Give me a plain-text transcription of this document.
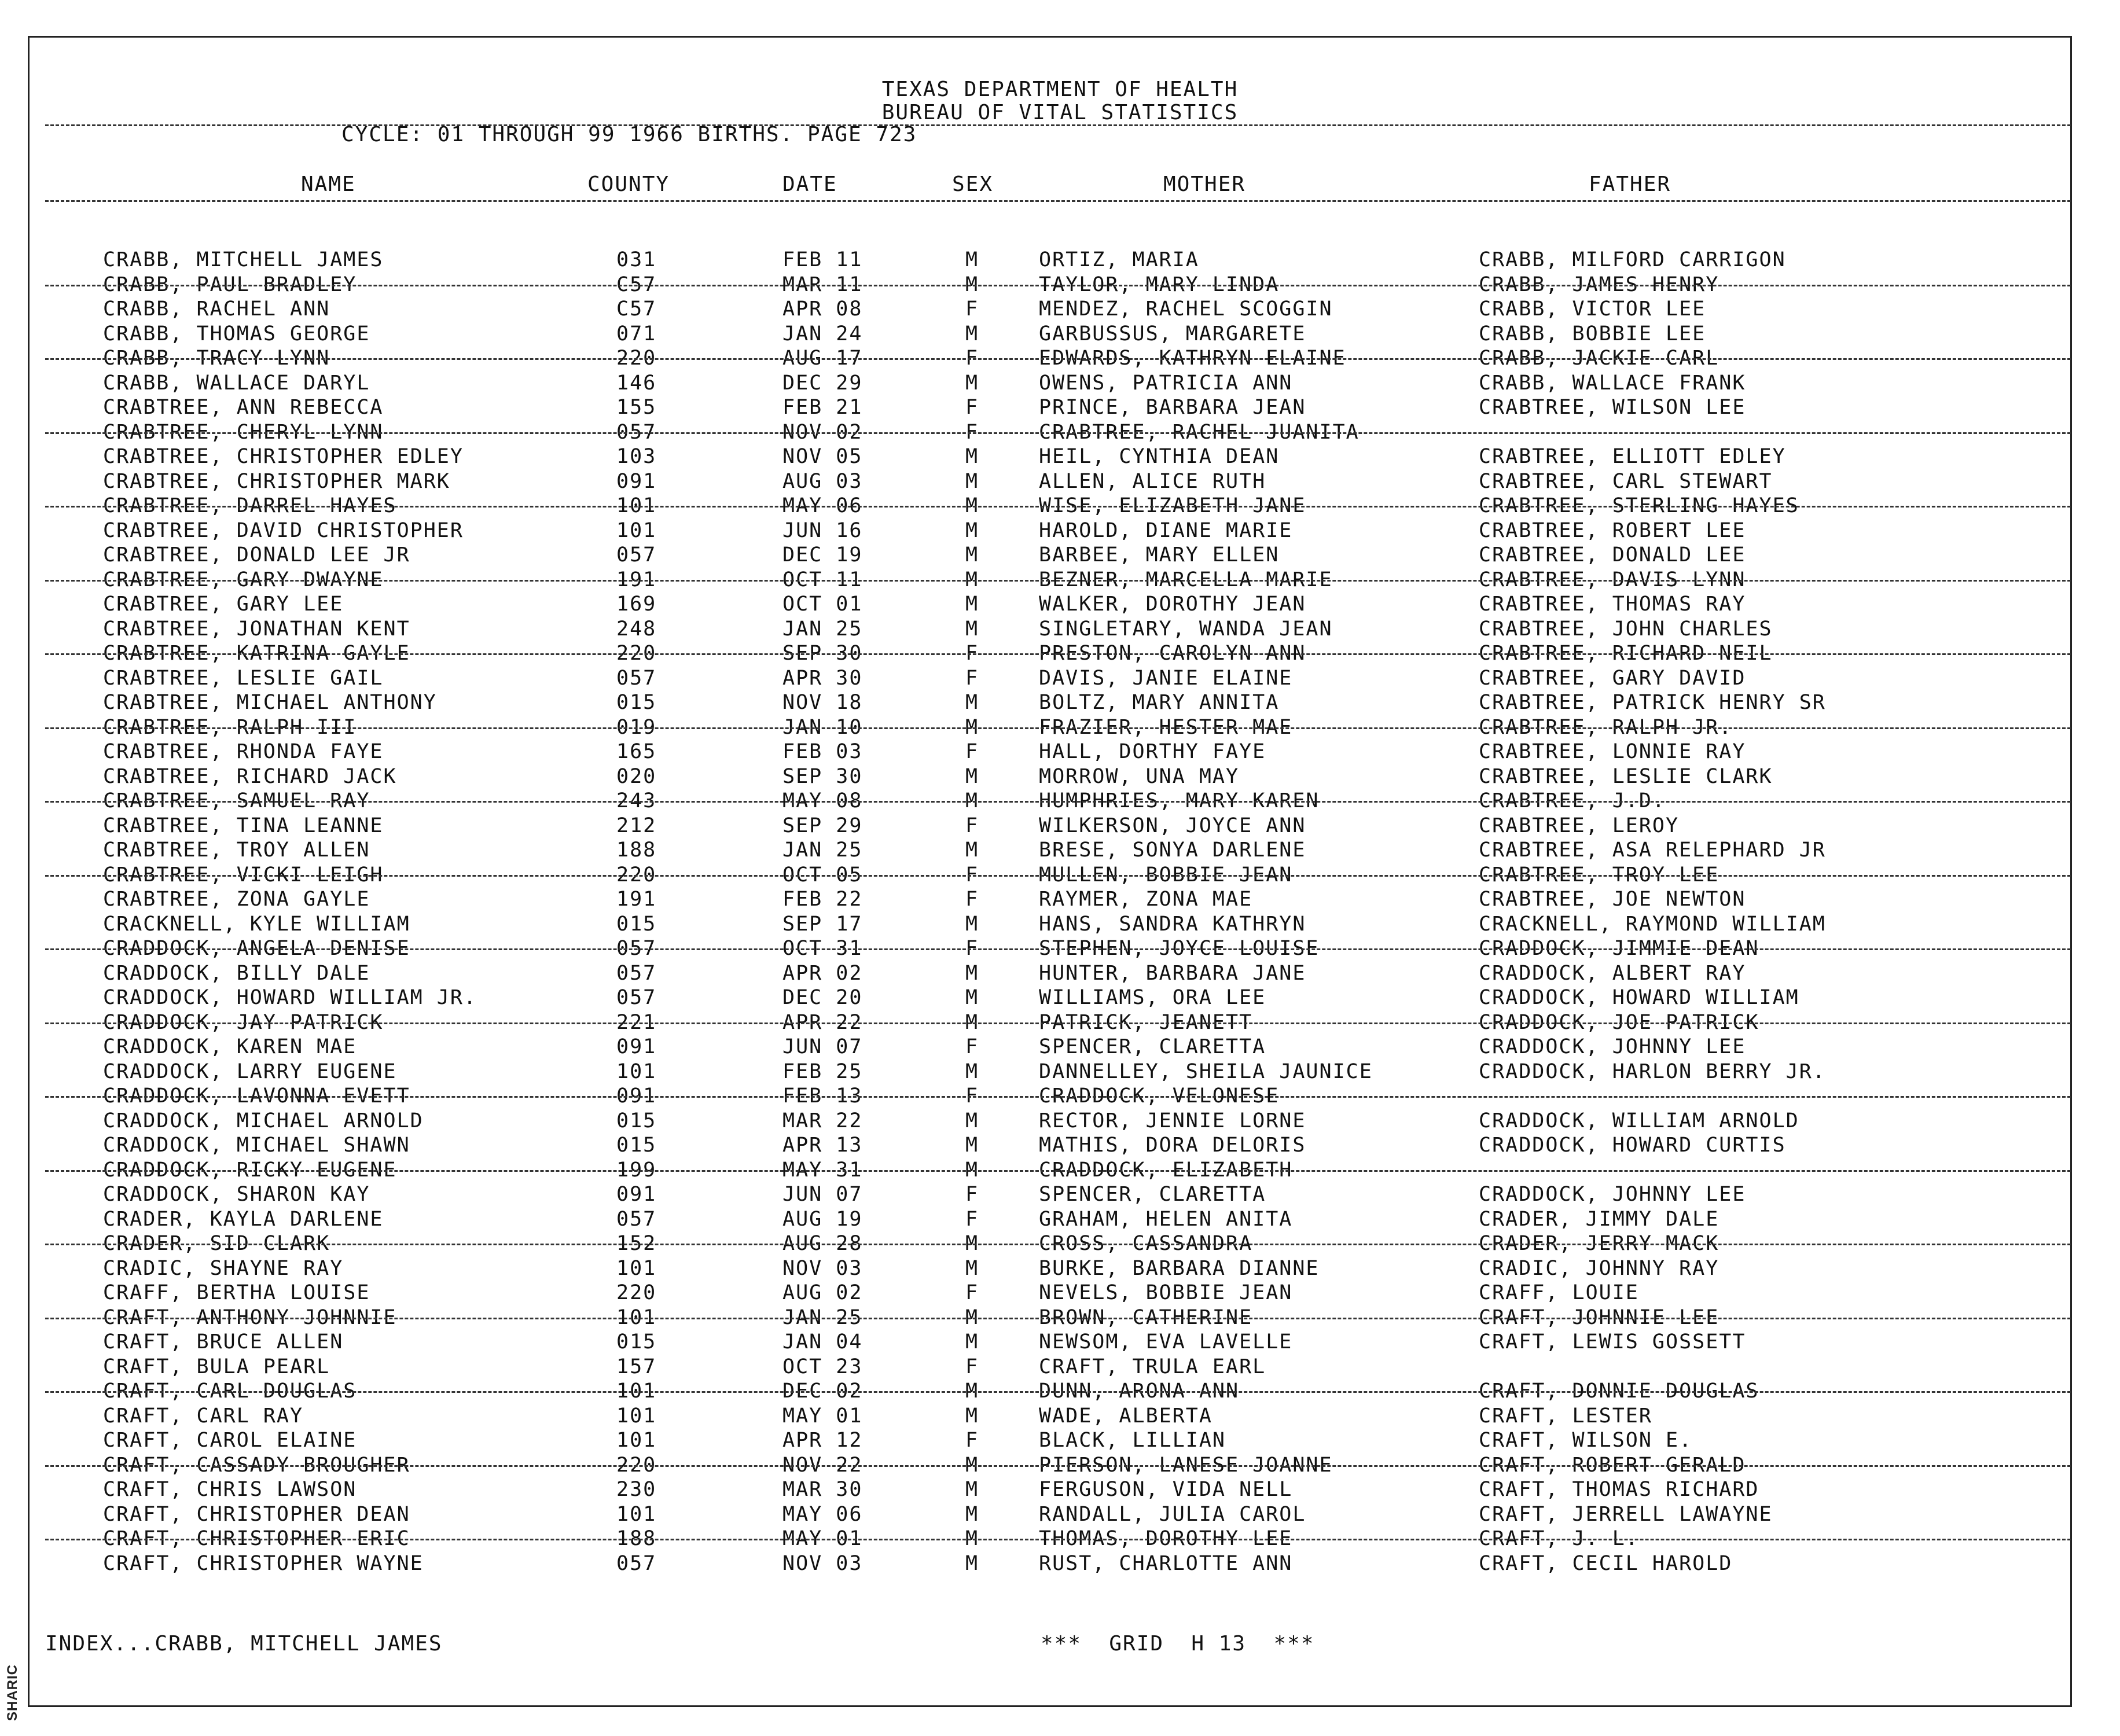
SHARIC
TEXAS DEPARTMENT OF HEALTH
BUREAU OF VITAL STATISTICS
CYCLE: 01 THROUGH 99 1966 BIRTHS. PAGE 723
NAME	COUNTY	DATE	SEX	MOTHER	FATHER
CRABB, MITCHELL JAMES	031	FEB 11	M	ORTIZ, MARIA	CRABB, MILFORD CARRIGON
CRABB, PAUL BRADLEY	C57	MAR 11	M	TAYLOR, MARY LINDA	CRABB, JAMES HENRY
CRABB, RACHEL ANN	C57	APR 08	F	MENDEZ, RACHEL SCOGGIN	CRABB, VICTOR LEE
CRABB, THOMAS GEORGE	071	JAN 24	M	GARBUSSUS, MARGARETE	CRABB, BOBBIE LEE
CRABB, TRACY LYNN	220	AUG 17	F	EDWARDS, KATHRYN ELAINE	CRABB, JACKIE CARL
CRABB, WALLACE DARYL	146	DEC 29	M	OWENS, PATRICIA ANN	CRABB, WALLACE FRANK
CRABTREE, ANN REBECCA	155	FEB 21	F	PRINCE, BARBARA JEAN	CRABTREE, WILSON LEE
CRABTREE, CHERYL LYNN	057	NOV 02	F	CRABTREE, RACHEL JUANITA
CRABTREE, CHRISTOPHER EDLEY	103	NOV 05	M	HEIL, CYNTHIA DEAN	CRABTREE, ELLIOTT EDLEY
CRABTREE, CHRISTOPHER MARK	091	AUG 03	M	ALLEN, ALICE RUTH	CRABTREE, CARL STEWART
CRABTREE, DARREL HAYES	101	MAY 06	M	WISE, ELIZABETH JANE	CRABTREE, STERLING HAYES
CRABTREE, DAVID CHRISTOPHER	101	JUN 16	M	HAROLD, DIANE MARIE	CRABTREE, ROBERT LEE
CRABTREE, DONALD LEE JR	057	DEC 19	M	BARBEE, MARY ELLEN	CRABTREE, DONALD LEE
CRABTREE, GARY DWAYNE	191	OCT 11	M	BEZNER, MARCELLA MARIE	CRABTREE, DAVIS LYNN
CRABTREE, GARY LEE	169	OCT 01	M	WALKER, DOROTHY JEAN	CRABTREE, THOMAS RAY
CRABTREE, JONATHAN KENT	248	JAN 25	M	SINGLETARY, WANDA JEAN	CRABTREE, JOHN CHARLES
CRABTREE, KATRINA GAYLE	220	SEP 30	F	PRESTON, CAROLYN ANN	CRABTREE, RICHARD NEIL
CRABTREE, LESLIE GAIL	057	APR 30	F	DAVIS, JANIE ELAINE	CRABTREE, GARY DAVID
CRABTREE, MICHAEL ANTHONY	015	NOV 18	M	BOLTZ, MARY ANNITA	CRABTREE, PATRICK HENRY SR
CRABTREE, RALPH III	019	JAN 10	M	FRAZIER, HESTER MAE	CRABTREE, RALPH JR.
CRABTREE, RHONDA FAYE	165	FEB 03	F	HALL, DORTHY FAYE	CRABTREE, LONNIE RAY
CRABTREE, RICHARD JACK	020	SEP 30	M	MORROW, UNA MAY	CRABTREE, LESLIE CLARK
CRABTREE, SAMUEL RAY	243	MAY 08	M	HUMPHRIES, MARY KAREN	CRABTREE, J.D.
CRABTREE, TINA LEANNE	212	SEP 29	F	WILKERSON, JOYCE ANN	CRABTREE, LEROY
CRABTREE, TROY ALLEN	188	JAN 25	M	BRESE, SONYA DARLENE	CRABTREE, ASA RELEPHARD JR
CRABTREE, VICKI LEIGH	220	OCT 05	F	MULLEN, BOBBIE JEAN	CRABTREE, TROY LEE
CRABTREE, ZONA GAYLE	191	FEB 22	F	RAYMER, ZONA MAE	CRABTREE, JOE NEWTON
CRACKNELL, KYLE WILLIAM	015	SEP 17	M	HANS, SANDRA KATHRYN	CRACKNELL, RAYMOND WILLIAM
CRADDOCK, ANGELA DENISE	057	OCT 31	F	STEPHEN, JOYCE LOUISE	CRADDOCK, JIMMIE DEAN
CRADDOCK, BILLY DALE	057	APR 02	M	HUNTER, BARBARA JANE	CRADDOCK, ALBERT RAY
CRADDOCK, HOWARD WILLIAM JR.	057	DEC 20	M	WILLIAMS, ORA LEE	CRADDOCK, HOWARD WILLIAM
CRADDOCK, JAY PATRICK	221	APR 22	M	PATRICK, JEANETT	CRADDOCK, JOE PATRICK
CRADDOCK, KAREN MAE	091	JUN 07	F	SPENCER, CLARETTA	CRADDOCK, JOHNNY LEE
CRADDOCK, LARRY EUGENE	101	FEB 25	M	DANNELLEY, SHEILA JAUNICE	CRADDOCK, HARLON BERRY JR.
CRADDOCK, LAVONNA EVETT	091	FEB 13	F	CRADDOCK, VELONESE
CRADDOCK, MICHAEL ARNOLD	015	MAR 22	M	RECTOR, JENNIE LORNE	CRADDOCK, WILLIAM ARNOLD
CRADDOCK, MICHAEL SHAWN	015	APR 13	M	MATHIS, DORA DELORIS	CRADDOCK, HOWARD CURTIS
CRADDOCK, RICKY EUGENE	199	MAY 31	M	CRADDOCK, ELIZABETH
CRADDOCK, SHARON KAY	091	JUN 07	F	SPENCER, CLARETTA	CRADDOCK, JOHNNY LEE
CRADER, KAYLA DARLENE	057	AUG 19	F	GRAHAM, HELEN ANITA	CRADER, JIMMY DALE
CRADER, SID CLARK	152	AUG 28	M	CROSS, CASSANDRA	CRADER, JERRY MACK
CRADIC, SHAYNE RAY	101	NOV 03	M	BURKE, BARBARA DIANNE	CRADIC, JOHNNY RAY
CRAFF, BERTHA LOUISE	220	AUG 02	F	NEVELS, BOBBIE JEAN	CRAFF, LOUIE
CRAFT, ANTHONY JOHNNIE	101	JAN 25	M	BROWN, CATHERINE	CRAFT, JOHNNIE LEE
CRAFT, BRUCE ALLEN	015	JAN 04	M	NEWSOM, EVA LAVELLE	CRAFT, LEWIS GOSSETT
CRAFT, BULA PEARL	157	OCT 23	F	CRAFT, TRULA EARL
CRAFT, CARL DOUGLAS	101	DEC 02	M	DUNN, ARONA ANN	CRAFT, DONNIE DOUGLAS
CRAFT, CARL RAY	101	MAY 01	M	WADE, ALBERTA	CRAFT, LESTER
CRAFT, CAROL ELAINE	101	APR 12	F	BLACK, LILLIAN	CRAFT, WILSON E.
CRAFT, CASSADY BROUGHER	220	NOV 22	M	PIERSON, LANESE JOANNE	CRAFT, ROBERT GERALD
CRAFT, CHRIS LAWSON	230	MAR 30	M	FERGUSON, VIDA NELL	CRAFT, THOMAS RICHARD
CRAFT, CHRISTOPHER DEAN	101	MAY 06	M	RANDALL, JULIA CAROL	CRAFT, JERRELL LAWAYNE
CRAFT, CHRISTOPHER ERIC	188	MAY 01	M	THOMAS, DOROTHY LEE	CRAFT, J. L.
CRAFT, CHRISTOPHER WAYNE	057	NOV 03	M	RUST, CHARLOTTE ANN	CRAFT, CECIL HAROLD
INDEX...CRABB, MITCHELL JAMES	***  GRID  H 13  ***
